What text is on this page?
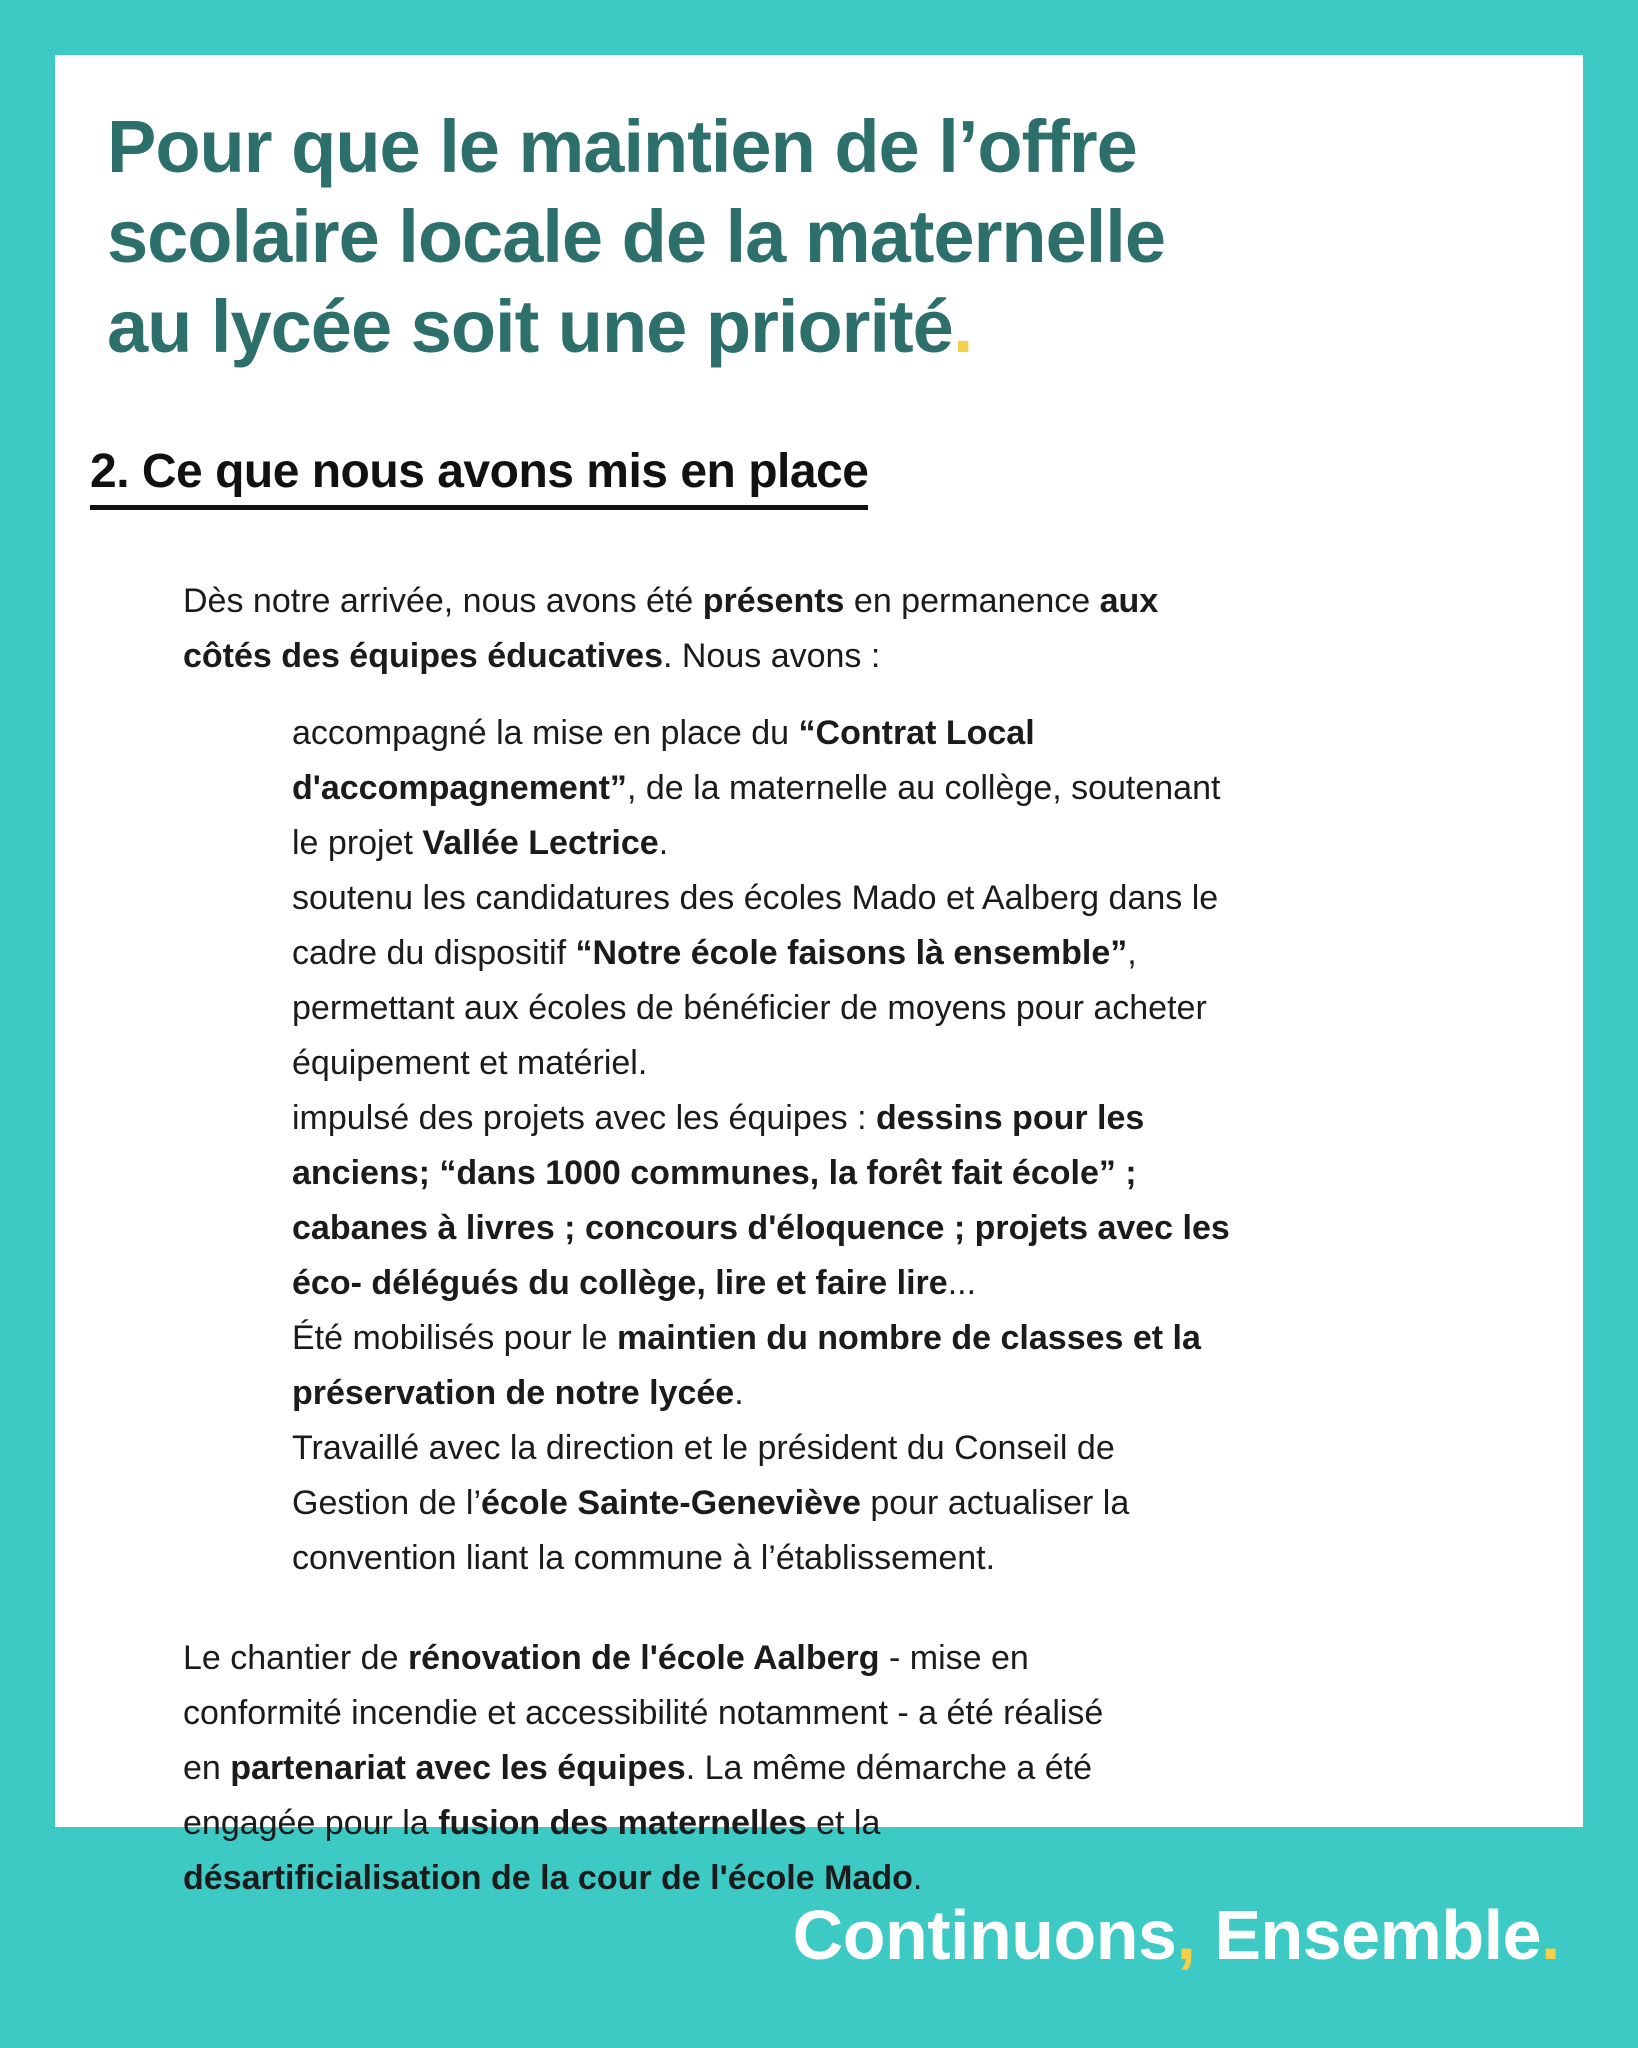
Pour que le maintien de l’offre
scolaire locale de la maternelle
au lycée soit une priorité.
2. Ce que nous avons mis en place
Dès notre arrivée, nous avons été présents en permanence aux côtés des équipes éducatives. Nous avons :
accompagné la mise en place du “Contrat Local d'accompagnement”, de la maternelle au collège, soutenant le projet Vallée Lectrice.
soutenu les candidatures des écoles Mado et Aalberg dans le cadre du dispositif “Notre école faisons là ensemble”, permettant aux écoles de bénéficier de moyens pour acheter équipement et matériel.
impulsé des projets avec les équipes : dessins pour les anciens; “dans 1000 communes, la forêt fait école” ; cabanes à livres ; concours d'éloquence ; projets avec les éco- délégués du collège, lire et faire lire...
Été mobilisés pour le maintien du nombre de classes et la préservation de notre lycée.
Travaillé avec la direction et le président du Conseil de Gestion de l’école Sainte-Geneviève pour actualiser la convention liant la commune à l’établissement.
Le chantier de rénovation de l'école Aalberg - mise en conformité incendie et accessibilité notamment - a été réalisé en partenariat avec les équipes. La même démarche a été engagée pour la fusion des maternelles et la désartificialisation de la cour de l'école Mado.
Continuons, Ensemble.
